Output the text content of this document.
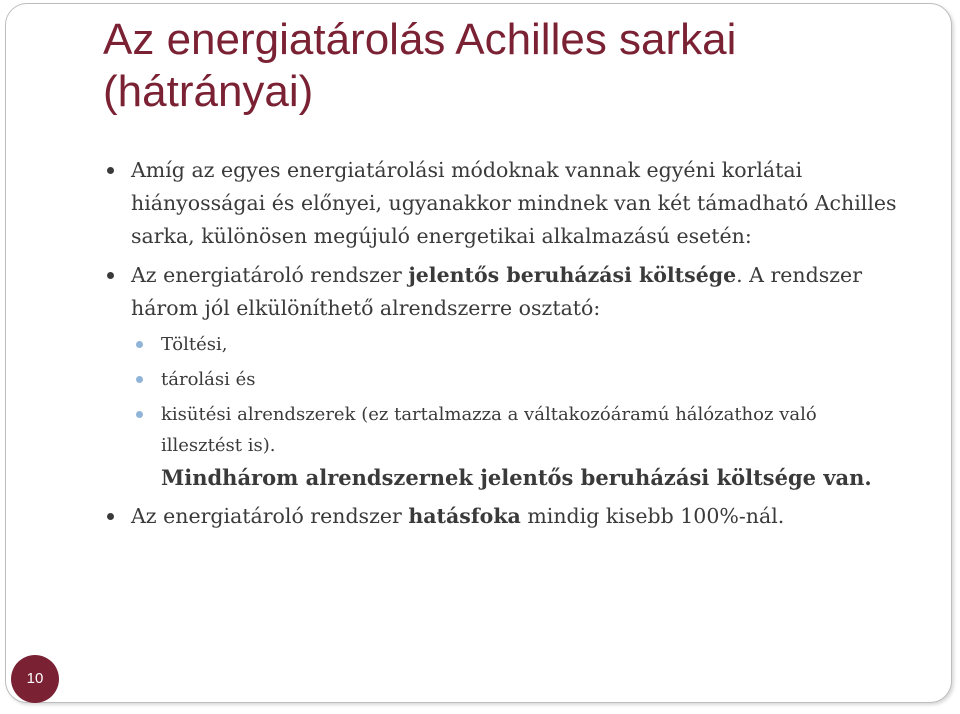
Az energiatárolás Achilles sarkai (hátrányai)

Amíg az egyes energiatárolási módoknak vannak egyéni korlátai hiányosságai és előnyei, ugyanakkor mindnek van két támadható Achilles sarka, különösen megújuló energetikai alkalmazású esetén:

Az energiatároló rendszer jelentős beruházási költsége. A rendszer három jól elkülöníthető alrendszerre osztató:

Töltési,

tárolási és

kisütési alrendszerek (ez tartalmazza a váltakozóáramú hálózathoz való illesztést is).

Mindhárom alrendszernek jelentős beruházási költsége van.

Az energiatároló rendszer hatásfoka mindig kisebb 100%-nál.

10
